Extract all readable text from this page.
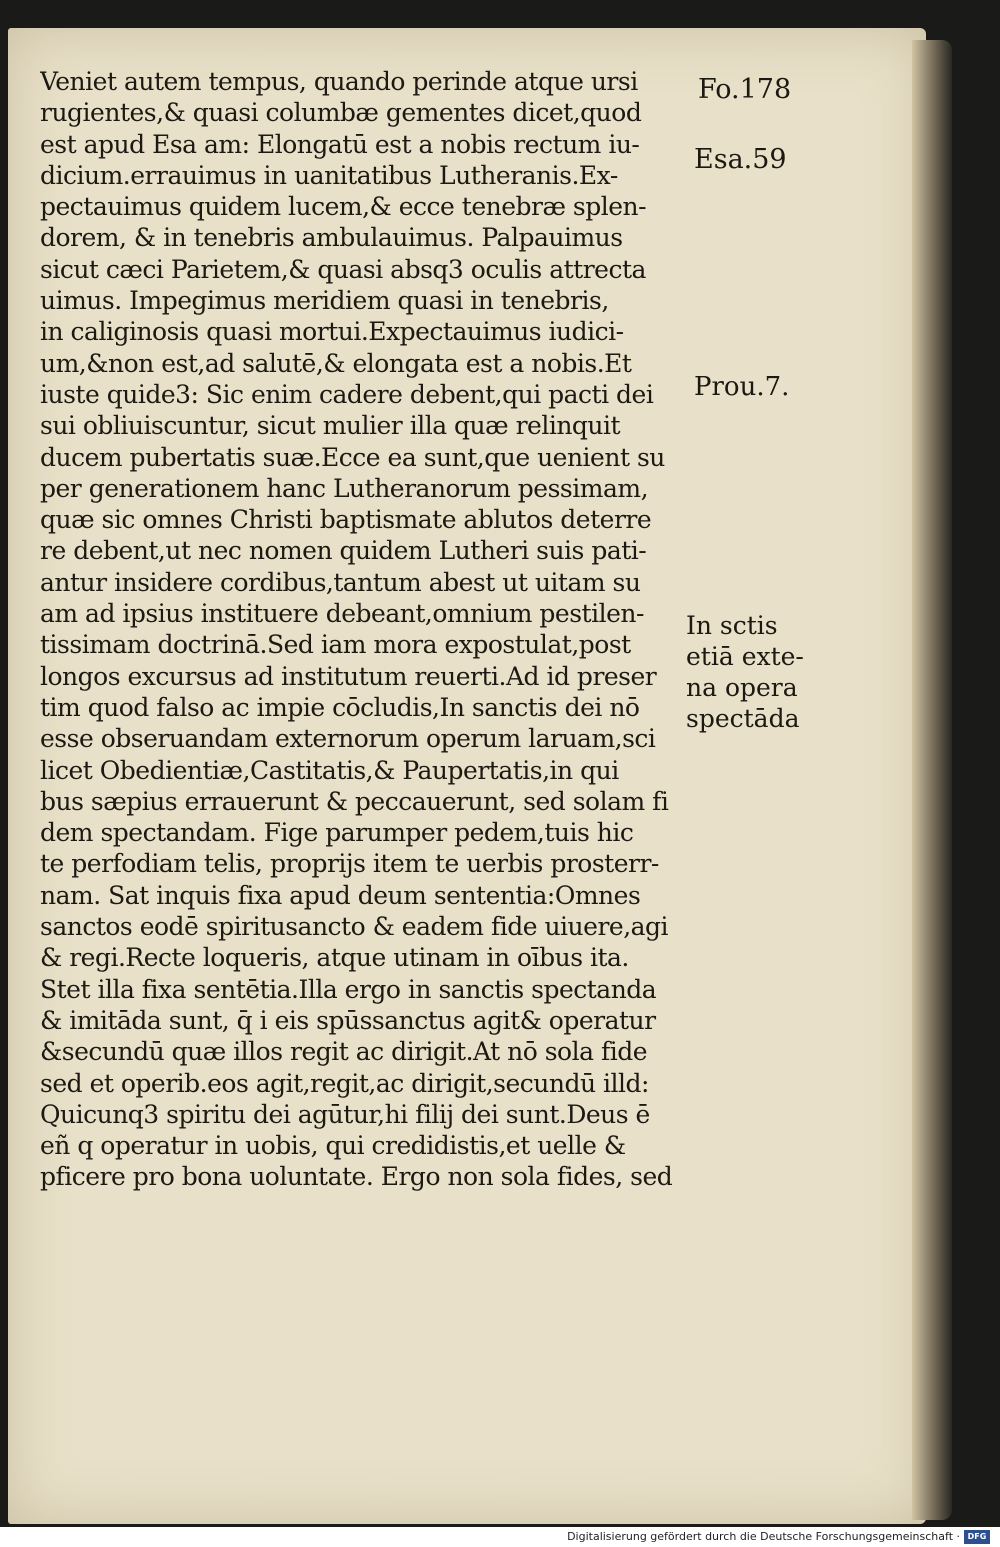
Fo.178
Esa.59
Prou.7.
In sctis
etiā exte-
na opera
spectāda
Veniet autem tempus, quando perinde atque ursi
rugientes,& quasi columbæ gementes dicet,quod
est apud Esa am: Elongatū est a nobis rectum iu-
dicium.errauimus in uanitatibus Lutheranis.Ex-
pectauimus quidem lucem,& ecce tenebræ splen-
dorem, & in tenebris ambulauimus. Palpauimus
sicut cæci Parietem,& quasi absq3 oculis attrecta
uimus. Impegimus meridiem quasi in tenebris,
in caliginosis quasi mortui.Expectauimus iudici-
um,&non est,ad salutē,& elongata est a nobis.Et
iuste quide3: Sic enim cadere debent,qui pacti dei
sui obliuiscuntur, sicut mulier illa quæ relinquit
ducem pubertatis suæ.Ecce ea sunt,que uenient su
per generationem hanc Lutheranorum pessimam,
quæ sic omnes Christi baptismate ablutos deterre
re debent,ut nec nomen quidem Lutheri suis pati-
antur insidere cordibus,tantum abest ut uitam su
am ad ipsius instituere debeant,omnium pestilen-
tissimam doctrinā.Sed iam mora expostulat,post
longos excursus ad institutum reuerti.Ad id preser
tim quod falso ac impie cōcludis,In sanctis dei nō
esse obseruandam externorum operum laruam,sci
licet Obedientiæ,Castitatis,& Paupertatis,in qui
bus sæpius errauerunt & peccauerunt, sed solam fi
dem spectandam. Fige parumper pedem,tuis hic
te perfodiam telis, proprijs item te uerbis prosterr-
nam. Sat inquis fixa apud deum sententia:Omnes
sanctos eodē spiritusancto & eadem fide uiuere,agi
& regi.Recte loqueris, atque utinam in oībus ita.
Stet illa fixa sentētia.Illa ergo in sanctis spectanda
& imitāda sunt, q̄ i eis spūssanctus agit& operatur
&secundū quæ illos regit ac dirigit.At nō sola fide
sed et operib.eos agit,regit,ac dirigit,secundū illd:
Quicunq3 spiritu dei agūtur,hi filij dei sunt.Deus ē
eñ q operatur in uobis, qui credidistis,et uelle &
pficere pro bona uoluntate. Ergo non sola fides, sed
Digitalisierung gefördert durch die Deutsche Forschungsgemeinschaft · DFG
